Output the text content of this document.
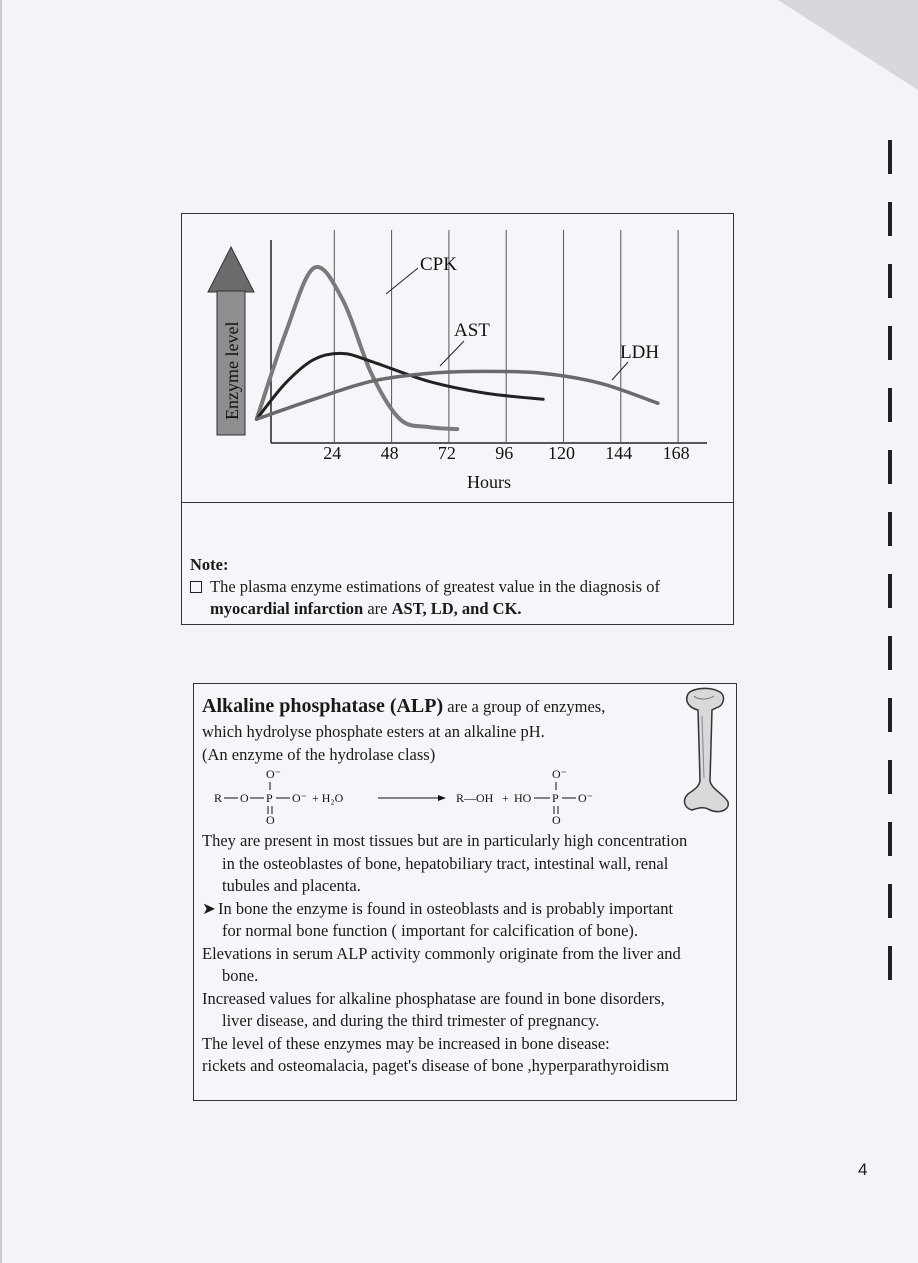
Enzyme level
24 48 72 96 120 144 168
CPK
AST
LDH
Hours
Note:
The plasma enzyme estimations of greatest value in the diagnosis of
myocardial infarction are AST, LD, and CK.
Alkaline phosphatase (ALP) are a group of enzymes,
which hydrolyse phosphate esters at an alkaline pH.
(An enzyme of the hydrolase class)
R O P
O⁻
O
O⁻ + H₂O	R—OH + HO P
O⁻
O
O⁻
They are present in most tissues but are in particularly high concentration
in the osteoblastes of bone, hepatobiliary tract, intestinal wall, renal
tubules and placenta.
➤ In bone the enzyme is found in osteoblasts and is probably important
for normal bone function ( important for calcification of bone).
Elevations in serum ALP activity commonly originate from the liver and
bone.
Increased values for alkaline phosphatase are found in bone disorders,
liver disease, and during the third trimester of pregnancy.
The level of these enzymes may be increased in bone disease:
rickets and osteomalacia, paget's disease of bone ,hyperparathyroidism
4
